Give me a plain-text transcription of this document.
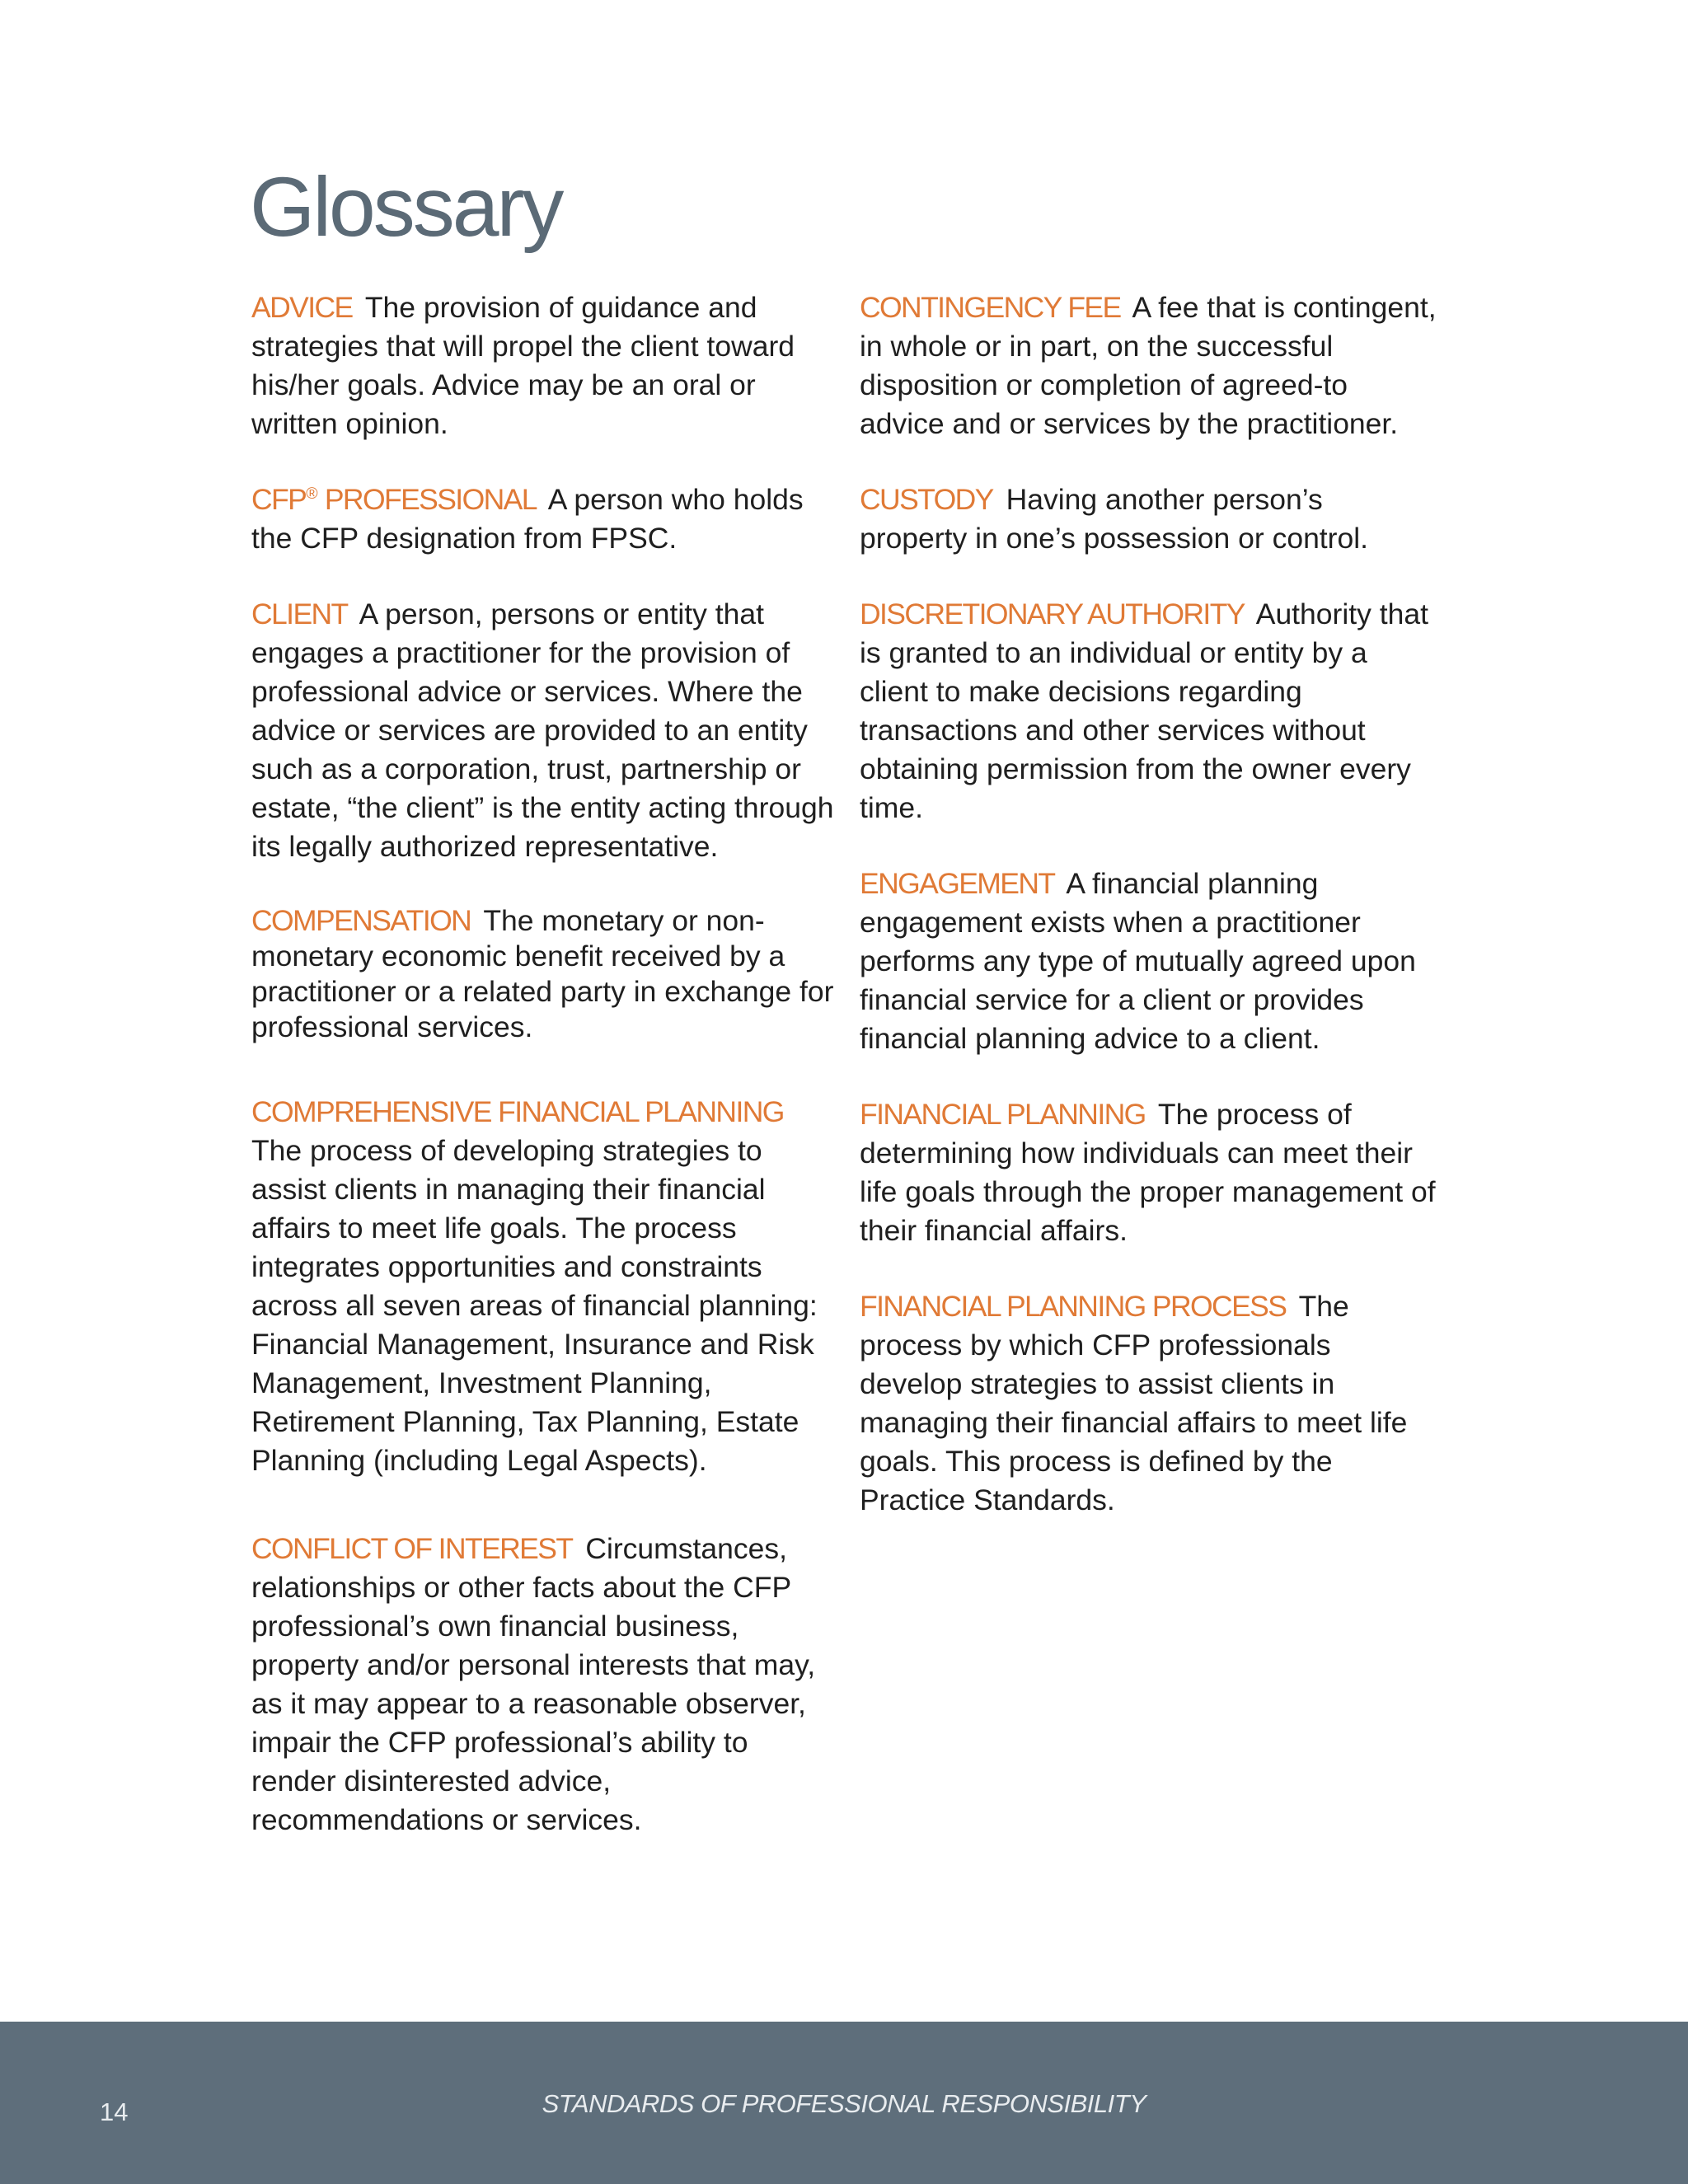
Glossary

ADVICE The provision of guidance and strategies that will propel the client toward his/her goals. Advice may be an oral or written opinion.

CFP® PROFESSIONAL A person who holds the CFP designation from FPSC.

CLIENT A person, persons or entity that engages a practitioner for the provision of professional advice or services. Where the advice or services are provided to an entity such as a corporation, trust, partnership or estate, “the client” is the entity acting through its legally authorized representative.

COMPENSATION The monetary or non-monetary economic benefit received by a practitioner or a related party in exchange for professional services.

COMPREHENSIVE FINANCIAL PLANNING
The process of developing strategies to assist clients in managing their financial affairs to meet life goals. The process integrates opportunities and constraints across all seven areas of financial planning: Financial Management, Insurance and Risk Management, Investment Planning, Retirement Planning, Tax Planning, Estate Planning (including Legal Aspects).

CONFLICT OF INTEREST Circumstances, relationships or other facts about the CFP professional’s own financial business, property and/or personal interests that may, as it may appear to a reasonable observer, impair the CFP professional’s ability to render disinterested advice, recommendations or services.

CONTINGENCY FEE A fee that is contingent, in whole or in part, on the successful disposition or completion of agreed-to advice and or services by the practitioner.

CUSTODY Having another person’s property in one’s possession or control.

DISCRETIONARY AUTHORITY Authority that is granted to an individual or entity by a client to make decisions regarding transactions and other services without obtaining permission from the owner every time.

ENGAGEMENT A financial planning engagement exists when a practitioner performs any type of mutually agreed upon financial service for a client or provides financial planning advice to a client.

FINANCIAL PLANNING The process of determining how individuals can meet their life goals through the proper management of their financial affairs.

FINANCIAL PLANNING PROCESS The process by which CFP professionals develop strategies to assist clients in managing their financial affairs to meet life goals. This process is defined by the Practice Standards.

14	STANDARDS OF PROFESSIONAL RESPONSIBILITY
